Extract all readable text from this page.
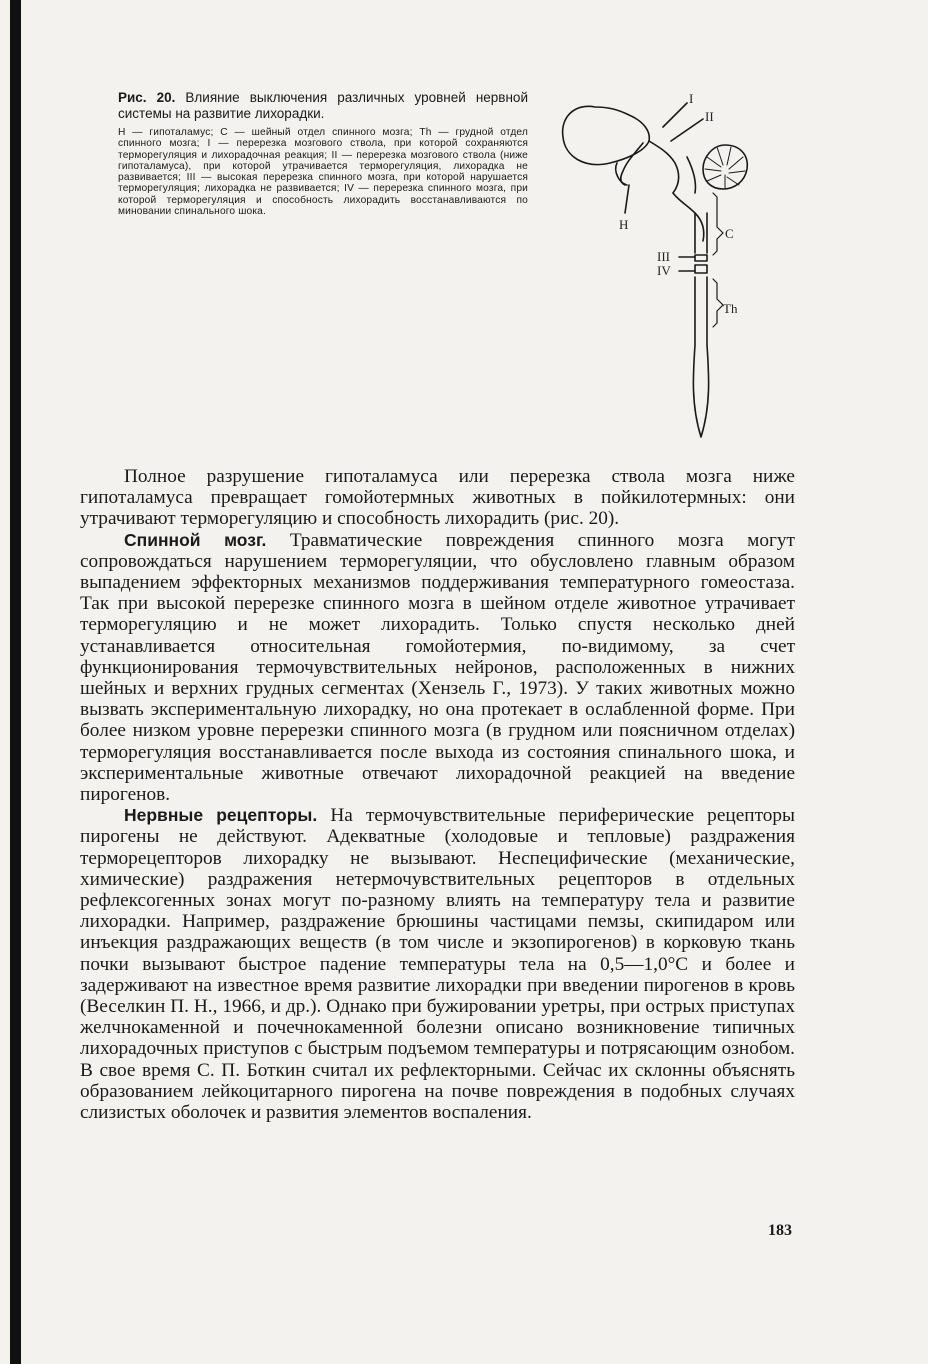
Рис. 20. Влияние выключения различных уровней нервной системы на развитие лихорадки.

Н — гипоталамус; С — шейный отдел спинного мозга; Th — грудной отдел спинного мозга; I — перерезка мозгового ствола, при которой сохраняются терморегуляция и лихорадочная реакция; II — перерезка мозгового ствола (ниже гипоталамуса), при которой утрачивается терморегуляция, лихорадка не развивается; III — высокая перерезка спинного мозга, при которой нарушается терморегуляция; лихорадка не развивается; IV — перерезка спинного мозга, при которой терморегуляция и способность лихорадить восстанавливаются по миновании спинального шока.

I
II
Н
С
III
IV
Th

Полное разрушение гипоталамуса или перерезка ствола мозга ниже гипоталамуса превращает гомойотермных животных в пойкилотермных: они утрачивают терморегуляцию и способность лихорадить (рис. 20).

Спинной мозг. Травматические повреждения спинного мозга могут сопровождаться нарушением терморегуляции, что обусловлено главным образом выпадением эффекторных механизмов поддерживания температурного гомеостаза. Так при высокой перерезке спинного мозга в шейном отделе животное утрачивает терморегуляцию и не может лихорадить. Только спустя несколько дней устанавливается относительная гомойотермия, по-видимому, за счет функционирования термочувствительных нейронов, расположенных в нижних шейных и верхних грудных сегментах (Хензель Г., 1973). У таких животных можно вызвать экспериментальную лихорадку, но она протекает в ослабленной форме. При более низком уровне перерезки спинного мозга (в грудном или поясничном отделах) терморегуляция восстанавливается после выхода из состояния спинального шока, и экспериментальные животные отвечают лихорадочной реакцией на введение пирогенов.

Нервные рецепторы. На термочувствительные периферические рецепторы пирогены не действуют. Адекватные (холодовые и тепловые) раздражения терморецепторов лихорадку не вызывают. Неспецифические (механические, химические) раздражения нетермочувствительных рецепторов в отдельных рефлексогенных зонах могут по-разному влиять на температуру тела и развитие лихорадки. Например, раздражение брюшины частицами пемзы, скипидаром или инъекция раздражающих веществ (в том числе и экзопирогенов) в корковую ткань почки вызывают быстрое падение температуры тела на 0,5—1,0°С и более и задерживают на известное время развитие лихорадки при введении пирогенов в кровь (Веселкин П. Н., 1966, и др.). Однако при бужировании уретры, при острых приступах желчнокаменной и почечнокаменной болезни описано возникновение типичных лихорадочных приступов с быстрым подъемом температуры и потрясающим ознобом. В свое время С. П. Боткин считал их рефлекторными. Сейчас их склонны объяснять образованием лейкоцитарного пирогена на почве повреждения в подобных случаях слизистых оболочек и развития элементов воспаления.

183
